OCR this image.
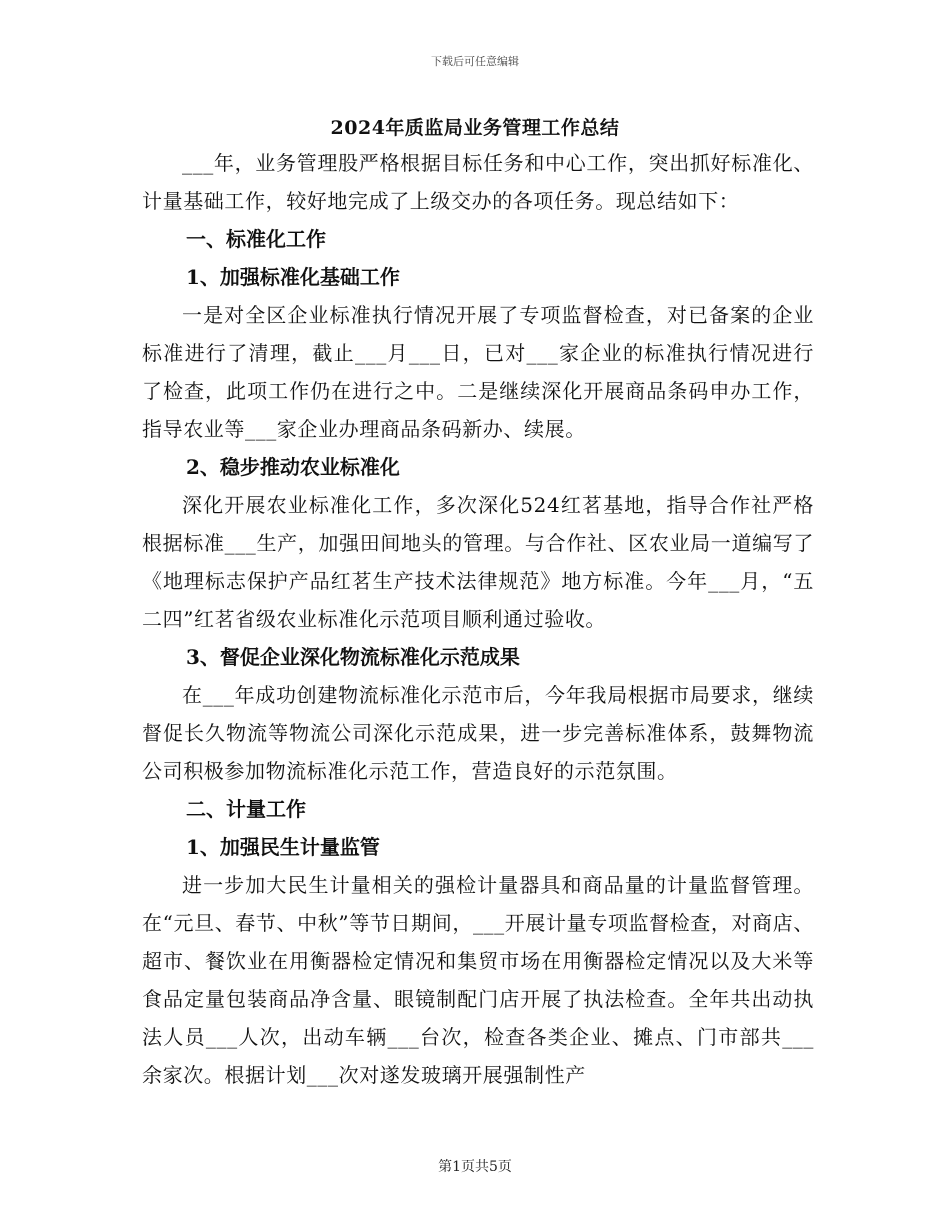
下载后可任意编辑
2024年质监局业务管理工作总结

___年，业务管理股严格根据目标任务和中心工作，突出抓好标准化、计量基础工作，较好地完成了上级交办的各项任务。现总结如下：

一、标准化工作

1、加强标准化基础工作

一是对全区企业标准执行情况开展了专项监督检查，对已备案的企业标准进行了清理，截止___月___日，已对___家企业的标准执行情况进行了检查，此项工作仍在进行之中。二是继续深化开展商品条码申办工作，指导农业等___家企业办理商品条码新办、续展。

2、稳步推动农业标准化

深化开展农业标准化工作，多次深化524红茗基地，指导合作社严格根据标准___生产，加强田间地头的管理。与合作社、区农业局一道编写了《地理标志保护产品红茗生产技术法律规范》地方标准。今年___月，“五二四”红茗省级农业标准化示范项目顺利通过验收。

3、督促企业深化物流标准化示范成果

在___年成功创建物流标准化示范市后，今年我局根据市局要求，继续督促长久物流等物流公司深化示范成果，进一步完善标准体系，鼓舞物流公司积极参加物流标准化示范工作，营造良好的示范氛围。

二、计量工作

1、加强民生计量监管

进一步加大民生计量相关的强检计量器具和商品量的计量监督管理。在“元旦、春节、中秋”等节日期间，___开展计量专项监督检查，对商店、超市、餐饮业在用衡器检定情况和集贸市场在用衡器检定情况以及大米等食品定量包装商品净含量、眼镜制配门店开展了执法检查。全年共出动执法人员___人次，出动车辆___台次，检查各类企业、摊点、门市部共___余家次。根据计划___次对遂发玻璃开展强制性产

第1页共5页
